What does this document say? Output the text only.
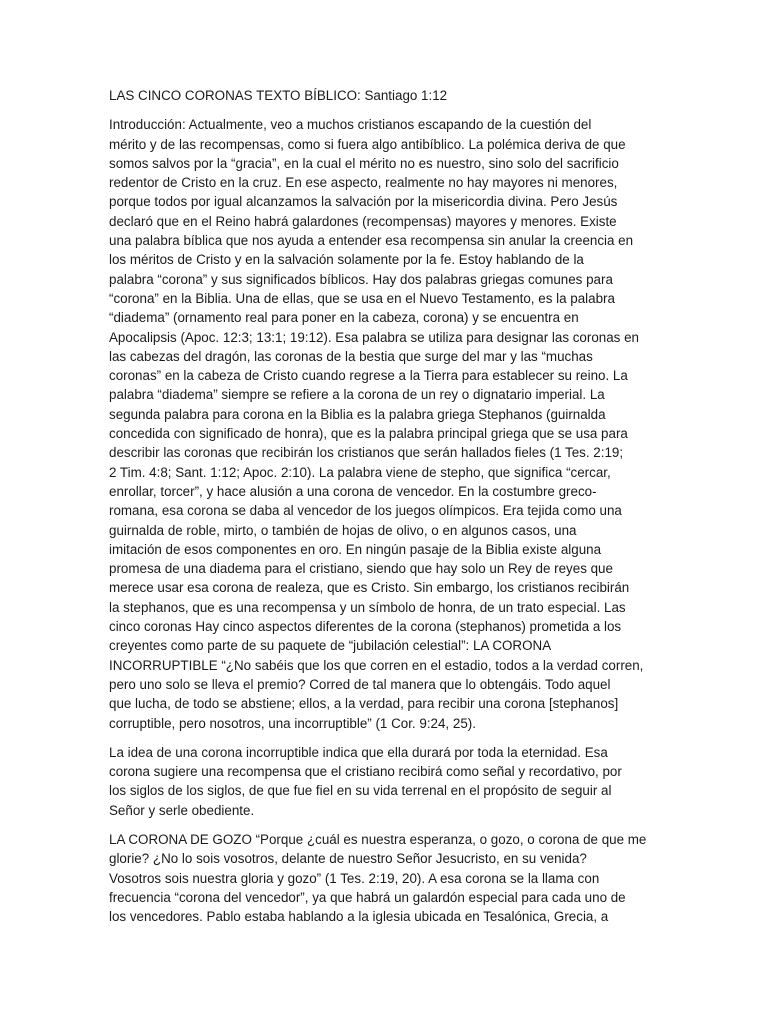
LAS CINCO CORONAS TEXTO BÍBLICO: Santiago 1:12
Introducción: Actualmente, veo a muchos cristianos escapando de la cuestión del
mérito y de las recompensas, como si fuera algo antibíblico. La polémica deriva de que
somos salvos por la “gracia”, en la cual el mérito no es nuestro, sino solo del sacrificio
redentor de Cristo en la cruz. En ese aspecto, realmente no hay mayores ni menores,
porque todos por igual alcanzamos la salvación por la misericordia divina. Pero Jesús
declaró que en el Reino habrá galardones (recompensas) mayores y menores. Existe
una palabra bíblica que nos ayuda a entender esa recompensa sin anular la creencia en
los méritos de Cristo y en la salvación solamente por la fe. Estoy hablando de la
palabra “corona” y sus significados bíblicos. Hay dos palabras griegas comunes para
“corona” en la Biblia. Una de ellas, que se usa en el Nuevo Testamento, es la palabra
“diadema” (ornamento real para poner en la cabeza, corona) y se encuentra en
Apocalipsis (Apoc. 12:3; 13:1; 19:12). Esa palabra se utiliza para designar las coronas en
las cabezas del dragón, las coronas de la bestia que surge del mar y las “muchas
coronas” en la cabeza de Cristo cuando regrese a la Tierra para establecer su reino. La
palabra “diadema” siempre se refiere a la corona de un rey o dignatario imperial. La
segunda palabra para corona en la Biblia es la palabra griega Stephanos (guirnalda
concedida con significado de honra), que es la palabra principal griega que se usa para
describir las coronas que recibirán los cristianos que serán hallados fieles (1 Tes. 2:19;
2 Tim. 4:8; Sant. 1:12; Apoc. 2:10). La palabra viene de stepho, que significa “cercar,
enrollar, torcer”, y hace alusión a una corona de vencedor. En la costumbre greco-
romana, esa corona se daba al vencedor de los juegos olímpicos. Era tejida como una
guirnalda de roble, mirto, o también de hojas de olivo, o en algunos casos, una
imitación de esos componentes en oro. En ningún pasaje de la Biblia existe alguna
promesa de una diadema para el cristiano, siendo que hay solo un Rey de reyes que
merece usar esa corona de realeza, que es Cristo. Sin embargo, los cristianos recibirán
la stephanos, que es una recompensa y un símbolo de honra, de un trato especial. Las
cinco coronas Hay cinco aspectos diferentes de la corona (stephanos) prometida a los
creyentes como parte de su paquete de “jubilación celestial”: LA CORONA
INCORRUPTIBLE “¿No sabéis que los que corren en el estadio, todos a la verdad corren,
pero uno solo se lleva el premio? Corred de tal manera que lo obtengáis. Todo aquel
que lucha, de todo se abstiene; ellos, a la verdad, para recibir una corona [stephanos]
corruptible, pero nosotros, una incorruptible” (1 Cor. 9:24, 25).
La idea de una corona incorruptible indica que ella durará por toda la eternidad. Esa
corona sugiere una recompensa que el cristiano recibirá como señal y recordativo, por
los siglos de los siglos, de que fue fiel en su vida terrenal en el propósito de seguir al
Señor y serle obediente.
LA CORONA DE GOZO “Porque ¿cuál es nuestra esperanza, o gozo, o corona de que me
glorie? ¿No lo sois vosotros, delante de nuestro Señor Jesucristo, en su venida?
Vosotros sois nuestra gloria y gozo” (1 Tes. 2:19, 20). A esa corona se la llama con
frecuencia “corona del vencedor”, ya que habrá un galardón especial para cada uno de
los vencedores. Pablo estaba hablando a la iglesia ubicada en Tesalónica, Grecia, a
